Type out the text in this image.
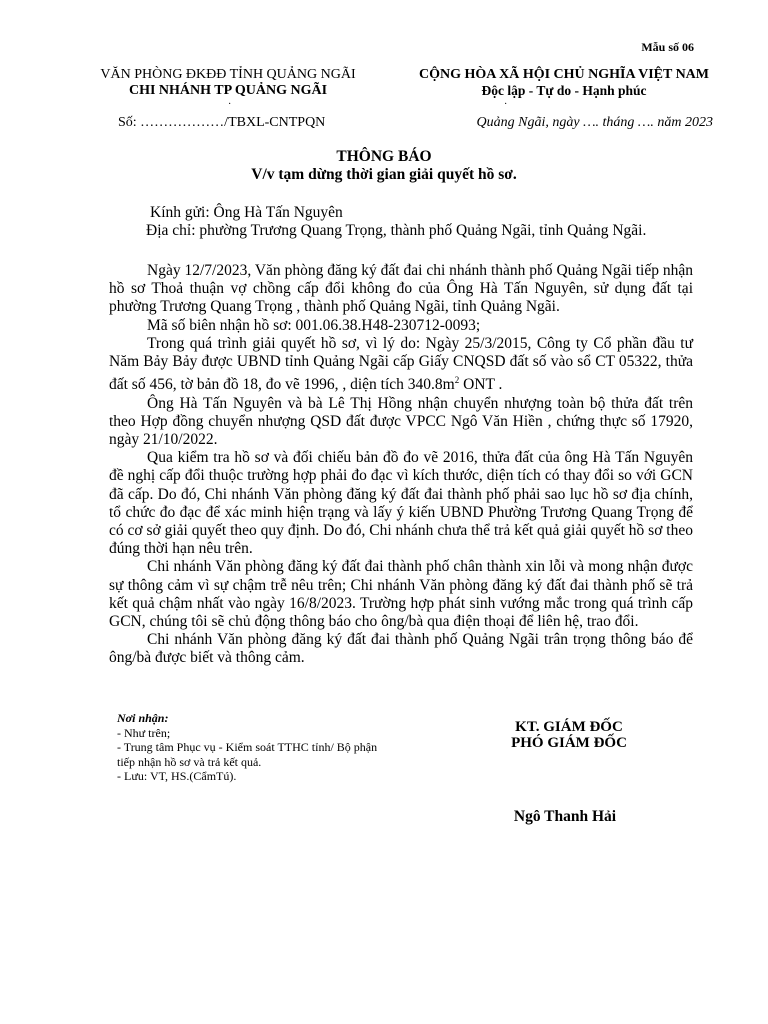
Mẫu số 06
VĂN PHÒNG ĐKĐĐ TỈNH QUẢNG NGÃI
CHI NHÁNH TP QUẢNG NGÃI
·
CỘNG HÒA XÃ HỘI CHỦ NGHĨA VIỆT NAM
Độc lập - Tự do - Hạnh phúc
·
Số: ………………/TBXL-CNTPQN	Quảng Ngãi, ngày …. tháng …. năm 2023
THÔNG BÁO
V/v tạm dừng thời gian giải quyết hồ sơ.
Kính gửi: Ông Hà Tấn Nguyên
Địa chỉ: phường Trương Quang Trọng, thành phố Quảng Ngãi, tỉnh Quảng Ngãi.

Ngày 12/7/2023, Văn phòng đăng ký đất đai chi nhánh thành phố Quảng Ngãi tiếp nhận hồ sơ Thoả thuận vợ chồng cấp đổi không đo của Ông Hà Tấn Nguyên, sử dụng đất tại phường Trương Quang Trọng , thành phố Quảng Ngãi, tỉnh Quảng Ngãi.

Mã số biên nhận hồ sơ: 001.06.38.H48-230712-0093;

Trong quá trình giải quyết hồ sơ, vì lý do: Ngày 25/3/2015, Công ty Cổ phần đầu tư Năm Bảy Bảy được UBND tỉnh Quảng Ngãi cấp Giấy CNQSD đất số vào sổ CT 05322, thửa đất số 456, tờ bản đồ 18, đo vẽ 1996, , diện tích $340.8m^2$ ONT .

Ông Hà Tấn Nguyên và bà Lê Thị Hồng nhận chuyển nhượng toàn bộ thửa đất trên theo Hợp đồng chuyển nhượng QSD đất được VPCC Ngô Văn Hiền , chứng thực số 17920, ngày 21/10/2022.

Qua kiểm tra hồ sơ và đối chiếu bản đồ đo vẽ 2016, thửa đất của ông Hà Tấn Nguyên đề nghị cấp đổi thuộc trường hợp phải đo đạc vì kích thước, diện tích có thay đổi so với GCN đã cấp. Do đó, Chi nhánh Văn phòng đăng ký đất đai thành phố phải sao lục hồ sơ địa chính, tổ chức đo đạc để xác minh hiện trạng và lấy ý kiến UBND Phường Trương Quang Trọng để có cơ sở giải quyết theo quy định. Do đó, Chi nhánh chưa thể trả kết quả giải quyết hồ sơ theo đúng thời hạn nêu trên.

Chi nhánh Văn phòng đăng ký đất đai thành phố chân thành xin lỗi và mong nhận được sự thông cảm vì sự chậm trễ nêu trên; Chi nhánh Văn phòng đăng ký đất đai thành phố sẽ trả kết quả chậm nhất vào ngày 16/8/2023. Trường hợp phát sinh vướng mắc trong quá trình cấp GCN, chúng tôi sẽ chủ động thông báo cho ông/bà qua điện thoại để liên hệ, trao đổi.

Chi nhánh Văn phòng đăng ký đất đai thành phố Quảng Ngãi trân trọng thông báo để ông/bà được biết và thông cảm.

Nơi nhận:
- Như trên;
- Trung tâm Phục vụ - Kiểm soát TTHC tỉnh/ Bộ phận tiếp nhận hồ sơ và trả kết quả.
- Lưu: VT, HS.(CẩmTú).
KT. GIÁM ĐỐC
PHÓ GIÁM ĐỐC
Ngô Thanh Hải
